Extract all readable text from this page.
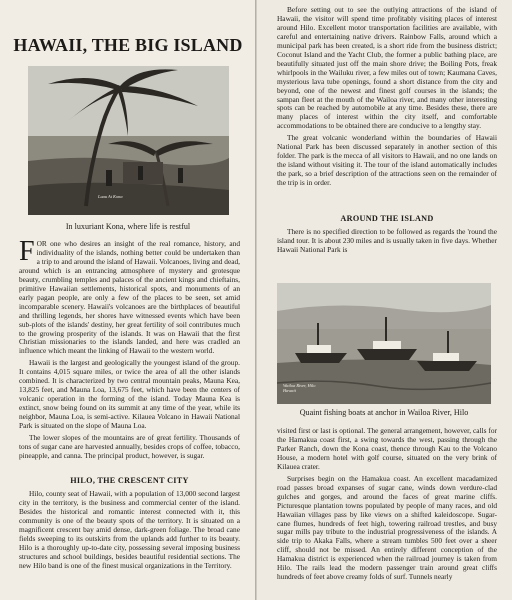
HAWAII, THE BIG ISLAND
Luau At Kona
In luxuriant Kona, where life is restful

FOR one who desires an insight of the real romance, history, and individuality of the islands, nothing better could be undertaken than a trip to and around the island of Hawaii. Volcanoes, living and dead, around which is an entrancing atmosphere of mystery and grotesque beauty, crumbling temples and palaces of the ancient kings and chieftains, primitive Hawaiian settlements, historical spots, and monuments of an early pagan people, are only a few of the places to be seen, set amid incomparable scenery. Hawaii's volcanoes are the birthplaces of beautiful and thrilling legends, her shores have witnessed events which have been sub-plots of the islands' destiny, her great fertility of soil contributes much to the growing prosperity of the islands. It was on Hawaii that the first Christian missionaries to the islands landed, and here was cradled an influence which meant the linking of Hawaii to the western world.

Hawaii is the largest and geologically the youngest island of the group. It contains 4,015 square miles, or twice the area of all the other islands combined. It is characterized by two central mountain peaks, Mauna Kea, 13,825 feet, and Mauna Loa, 13,675 feet, which have been the centers of volcanic operation in the forming of the island. Today Mauna Kea is extinct, snow being found on its summit at any time of the year, while its neighbor, Mauna Loa, is semi-active. Kilauea Volcano in Hawaii National Park is situated on the slope of Mauna Loa.

The lower slopes of the mountains are of great fertility. Thousands of tons of sugar cane are harvested annually, besides crops of coffee, tobacco, pineapple, and canna. The principal product, however, is sugar.

HILO, THE CRESCENT CITY

Hilo, county seat of Hawaii, with a population of 13,000 second largest city in the territory, is the business and commercial center of the island. Besides the historical and romantic interest connected with it, this community is one of the beauty spots of the territory. It is situated on a magnificent crescent bay amid dense, dark-green foliage. The broad cane fields sweeping to its outskirts from the uplands add further to its beauty. Hilo is a thoroughly up-to-date city, possessing several imposing business structures and school buildings, besides beautiful residential sections. The new Hilo band is one of the finest musical organizations in the Territory.

Before setting out to see the outlying attractions of the island of Hawaii, the visitor will spend time profitably visiting places of interest around Hilo. Excellent motor transportation facilities are available, with careful and entertaining native drivers. Rainbow Falls, around which a municipal park has been created, is a short ride from the business district; Coconut Island and the Yacht Club, the former a public bathing place, are beautifully situated just off the main shore drive; the Boiling Pots, freak whirlpools in the Wailuku river, a few miles out of town; Kaumana Caves, mysterious lava tube openings, found a short distance from the city and beyond, one of the newest and finest golf courses in the islands; the sampan fleet at the mouth of the Wailoa river, and many other interesting spots can be reached by automobile at any time. Besides these, there are many places of interest within the city itself, and comfortable accommodations to be obtained there are conducive to a lengthy stay.

The great volcanic wonderland within the boundaries of Hawaii National Park has been discussed separately in another section of this folder. The park is the mecca of all visitors to Hawaii, and no one lands on the island without visiting it. The tour of the island automatically includes the park, so a brief description of the attractions seen on the remainder of the trip is in order.

AROUND THE ISLAND

There is no specified direction to be followed as regards the 'round the island tour. It is about 230 miles and is usually taken in five days. Whether Hawaii National Park is

Wailoa River, Hilo Hawaii
Quaint fishing boats at anchor in Wailoa River, Hilo

visited first or last is optional. The general arrangement, however, calls for the Hamakua coast first, a swing towards the west, passing through the Parker Ranch, down the Kona coast, thence through Kau to the Volcano House, a modern hotel with golf course, situated on the very brink of Kilauea crater.

Surprises begin on the Hamakua coast. An excellent macadamized road passes broad expanses of sugar cane, winds down verdure-clad gulches and gorges, and around the faces of great marine cliffs. Picturesque plantation towns populated by people of many races, and old Hawaiian villages pass by like views on a shifted kaleidoscope. Sugar-cane flumes, hundreds of feet high, towering railroad trestles, and busy sugar mills pay tribute to the industrial progressiveness of the islands. A side trip to Akaka Falls, where a stream tumbles 500 feet over a sheer cliff, should not be missed. An entirely different conception of the Hamakua district is experienced when the railroad journey is taken from Hilo. The rails lead the modern passenger train around great cliffs hundreds of feet above creamy folds of surf. Tunnels nearly
